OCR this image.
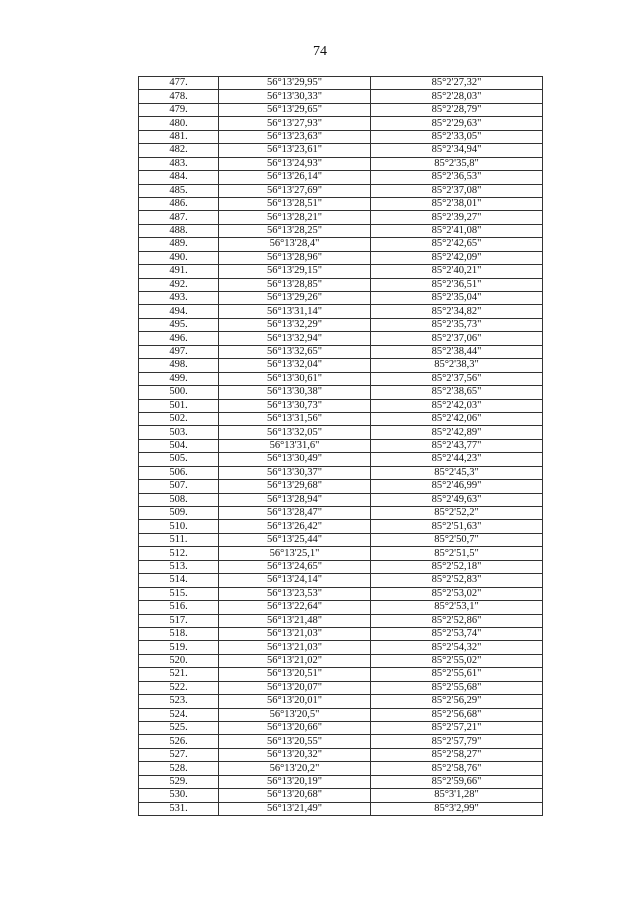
74
477.	56°13'29,95"	85°2'27,32"
478.	56°13'30,33"	85°2'28,03"
479.	56°13'29,65"	85°2'28,79"
480.	56°13'27,93"	85°2'29,63"
481.	56°13'23,63"	85°2'33,05"
482.	56°13'23,61"	85°2'34,94"
483.	56°13'24,93"	85°2'35,8"
484.	56°13'26,14"	85°2'36,53"
485.	56°13'27,69"	85°2'37,08"
486.	56°13'28,51"	85°2'38,01"
487.	56°13'28,21"	85°2'39,27"
488.	56°13'28,25"	85°2'41,08"
489.	56°13'28,4"	85°2'42,65"
490.	56°13'28,96"	85°2'42,09"
491.	56°13'29,15"	85°2'40,21"
492.	56°13'28,85"	85°2'36,51"
493.	56°13'29,26"	85°2'35,04"
494.	56°13'31,14"	85°2'34,82"
495.	56°13'32,29"	85°2'35,73"
496.	56°13'32,94"	85°2'37,06"
497.	56°13'32,65"	85°2'38,44"
498.	56°13'32,04"	85°2'38,3"
499.	56°13'30,61"	85°2'37,56"
500.	56°13'30,38"	85°2'38,65"
501.	56°13'30,73"	85°2'42,03"
502.	56°13'31,56"	85°2'42,06"
503.	56°13'32,05"	85°2'42,89"
504.	56°13'31,6"	85°2'43,77"
505.	56°13'30,49"	85°2'44,23"
506.	56°13'30,37"	85°2'45,3"
507.	56°13'29,68"	85°2'46,99"
508.	56°13'28,94"	85°2'49,63"
509.	56°13'28,47"	85°2'52,2"
510.	56°13'26,42"	85°2'51,63"
511.	56°13'25,44"	85°2'50,7"
512.	56°13'25,1"	85°2'51,5"
513.	56°13'24,65"	85°2'52,18"
514.	56°13'24,14"	85°2'52,83"
515.	56°13'23,53"	85°2'53,02"
516.	56°13'22,64"	85°2'53,1"
517.	56°13'21,48"	85°2'52,86"
518.	56°13'21,03"	85°2'53,74"
519.	56°13'21,03"	85°2'54,32"
520.	56°13'21,02"	85°2'55,02"
521.	56°13'20,51"	85°2'55,61"
522.	56°13'20,07"	85°2'55,68"
523.	56°13'20,01"	85°2'56,29"
524.	56°13'20,5"	85°2'56,68"
525.	56°13'20,66"	85°2'57,21"
526.	56°13'20,55"	85°2'57,79"
527.	56°13'20,32"	85°2'58,27"
528.	56°13'20,2"	85°2'58,76"
529.	56°13'20,19"	85°2'59,66"
530.	56°13'20,68"	85°3'1,28"
531.	56°13'21,49"	85°3'2,99"
